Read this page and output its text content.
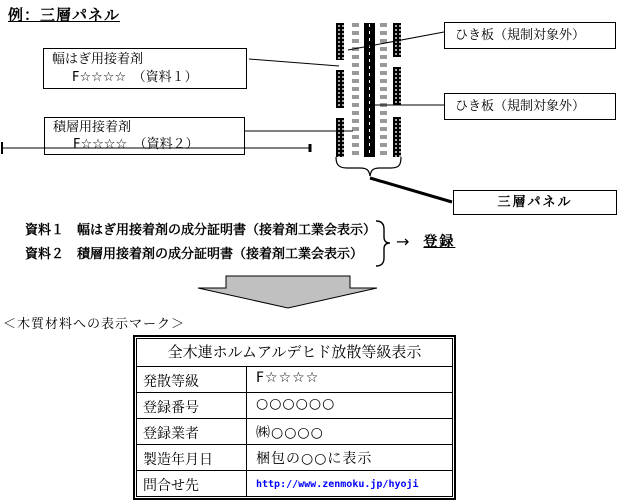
例：三層パネル
幅はぎ用接着剤
F☆☆☆☆　（資料１）
積層用接着剤
F☆☆☆☆　（資料２）
ひき板（規制対象外）
ひき板（規制対象外）
三層パネル
資料１　幅はぎ用接着剤の成分証明書（接着剤工業会表示）
資料２　積層用接着剤の成分証明書（接着剤工業会表示）
→ 登録
＜木質材料への表示マーク＞
全木連ホルムアルデヒド放散等級表示
発散等級	F☆☆☆☆
登録番号	○○○○○○
登録業者	㈱○○○○
製造年月日	梱包の○○に表示
問合せ先	http://www.zenmoku.jp/hyoji
